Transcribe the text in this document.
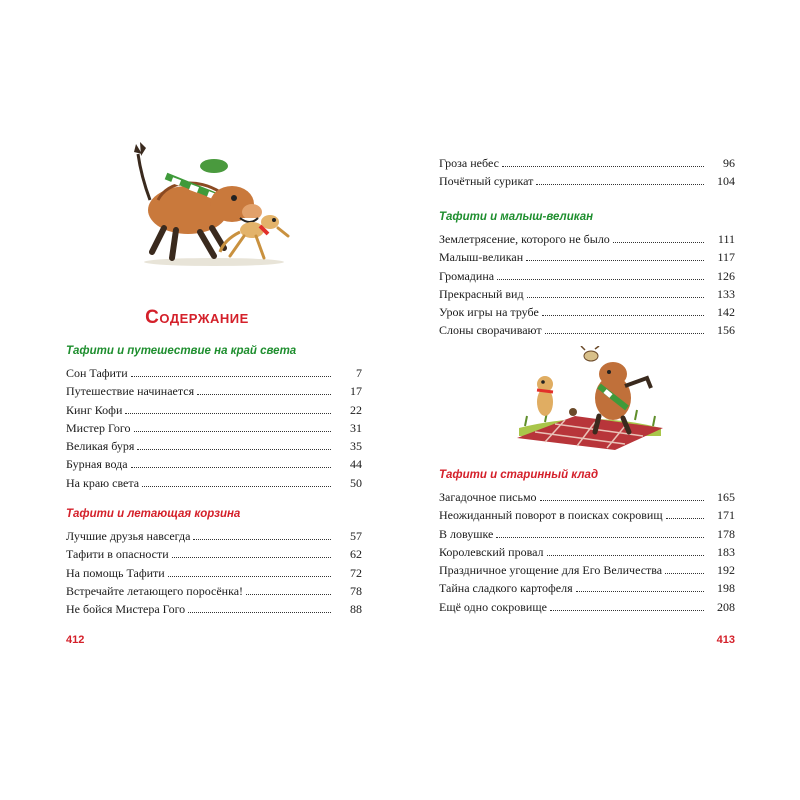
Содержание
Тафити и путешествие на край света
Сон Тафити	7
Путешествие начинается	17
Кинг Кофи	22
Мистер Гого	31
Великая буря	35
Бурная вода	44
На краю света	50
Тафити и летающая корзина
Лучшие друзья навсегда	57
Тафити в опасности	62
На помощь Тафити	72
Встречайте летающего поросёнка!	78
Не бойся Мистера Гого	88
412
Гроза небес	96
Почётный сурикат	104
Тафити и малыш-великан
Землетрясение, которого не было	111
Малыш-великан	117
Громадина	126
Прекрасный вид	133
Урок игры на трубе	142
Слоны сворачивают	156
Тафити и старинный клад
Загадочное письмо	165
Неожиданный поворот в поисках сокровищ	171
В ловушке	178
Королевский провал	183
Праздничное угощение для Его Величества	192
Тайна сладкого картофеля	198
Ещё одно сокровище	208
413
